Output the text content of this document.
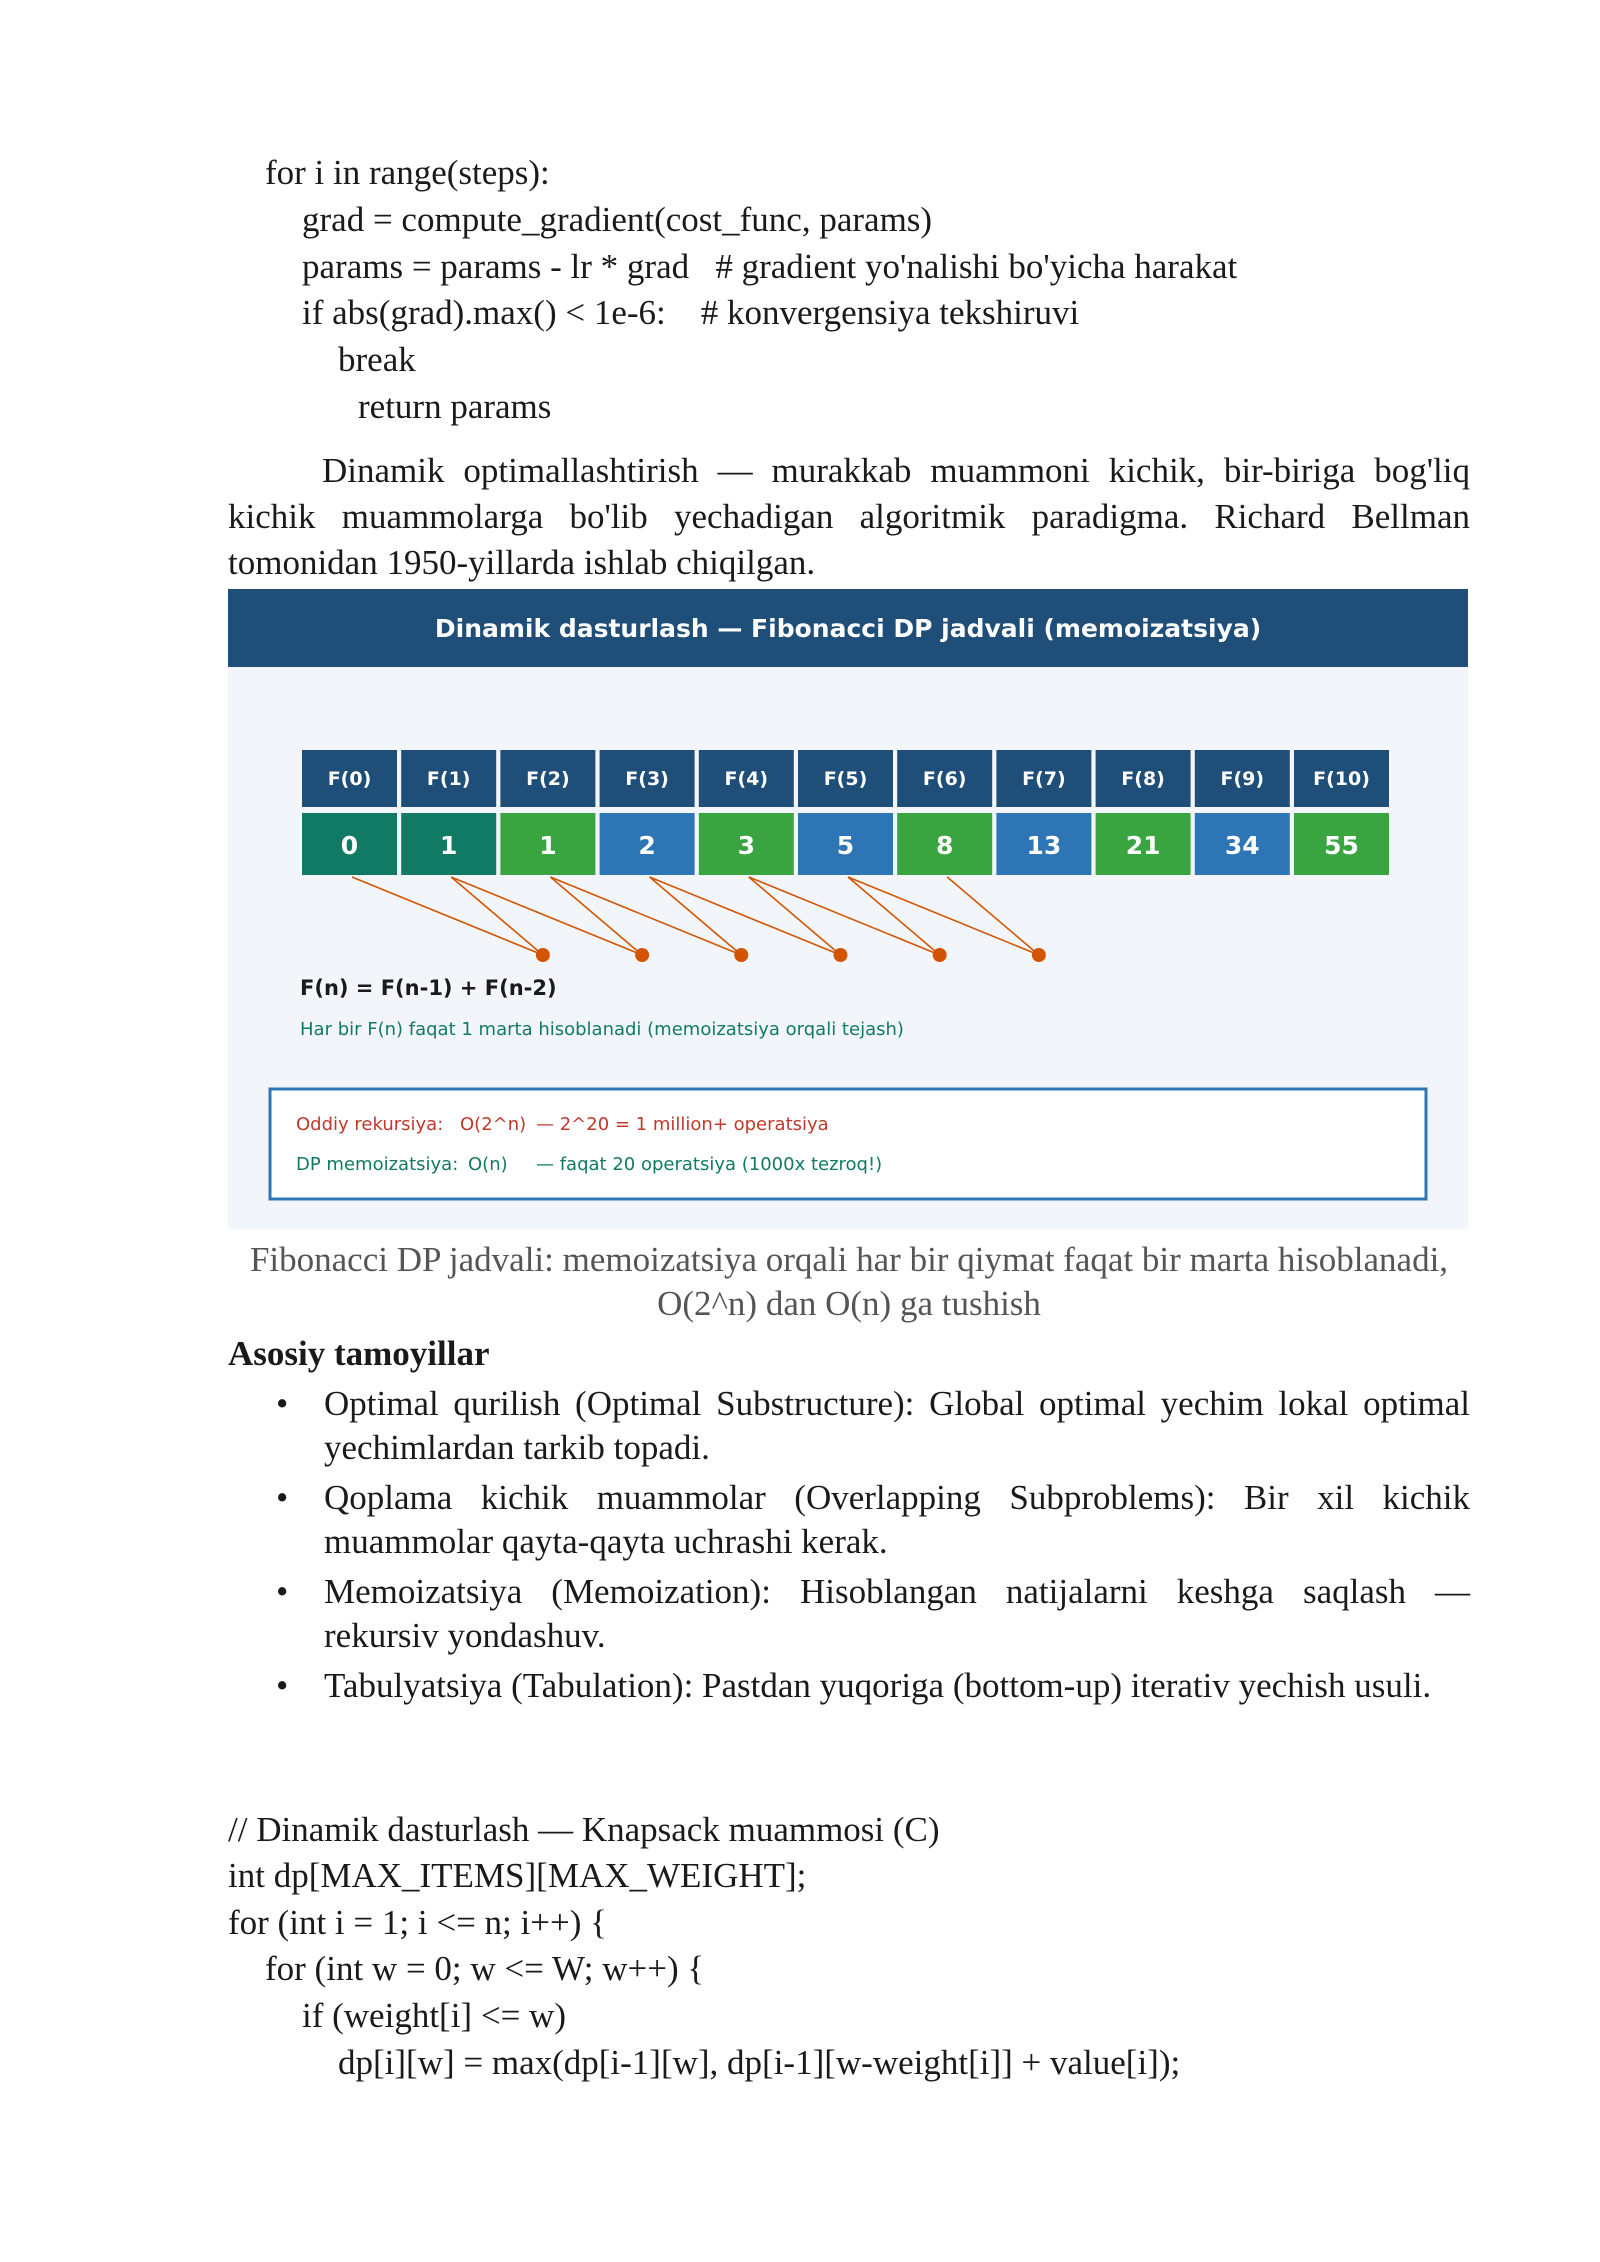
for i in range(steps):
grad = compute_gradient(cost_func, params)
params = params - lr * grad   # gradient yo'nalishi bo'yicha harakat
if abs(grad).max() < 1e-6:    # konvergensiya tekshiruvi
break
return params
Dinamik optimallashtirish — murakkab muammoni kichik, bir-biriga bog'liq kichik muammolarga bo'lib yechadigan algoritmik paradigma. Richard Bellman tomonidan 1950-yillarda ishlab chiqilgan.
Dinamik dasturlash — Fibonacci DP jadvali (memoizatsiya)
F(0)
0
F(1)
1
F(2)
1
F(3)
2
F(4)
3
F(5)
5
F(6)
8
F(7)
13
F(8)
21
F(9)
34
F(10)
55
F(n) = F(n-1) + F(n-2)
Har bir F(n) faqat 1 marta hisoblanadi (memoizatsiya orqali tejash)
Oddiy rekursiya: O(2^n) — 2^20 = 1 million+ operatsiya
DP memoizatsiya: O(n) — faqat 20 operatsiya (1000x tezroq!)
Fibonacci DP jadvali: memoizatsiya orqali har bir qiymat faqat bir marta hisoblanadi, O(2^n) dan O(n) ga tushish
Asosiy tamoyillar
• Optimal qurilish (Optimal Substructure): Global optimal yechim lokal optimal yechimlardan tarkib topadi.
• Qoplama kichik muammolar (Overlapping Subproblems): Bir xil kichik muammolar qayta-qayta uchrashi kerak.
• Memoizatsiya (Memoization): Hisoblangan natijalarni keshga saqlash — rekursiv yondashuv.
• Tabulyatsiya (Tabulation): Pastdan yuqoriga (bottom-up) iterativ yechish usuli.
// Dinamik dasturlash — Knapsack muammosi (C)
int dp[MAX_ITEMS][MAX_WEIGHT];
for (int i = 1; i <= n; i++) {
for (int w = 0; w <= W; w++) {
if (weight[i] <= w)
dp[i][w] = max(dp[i-1][w], dp[i-1][w-weight[i]] + value[i]);
